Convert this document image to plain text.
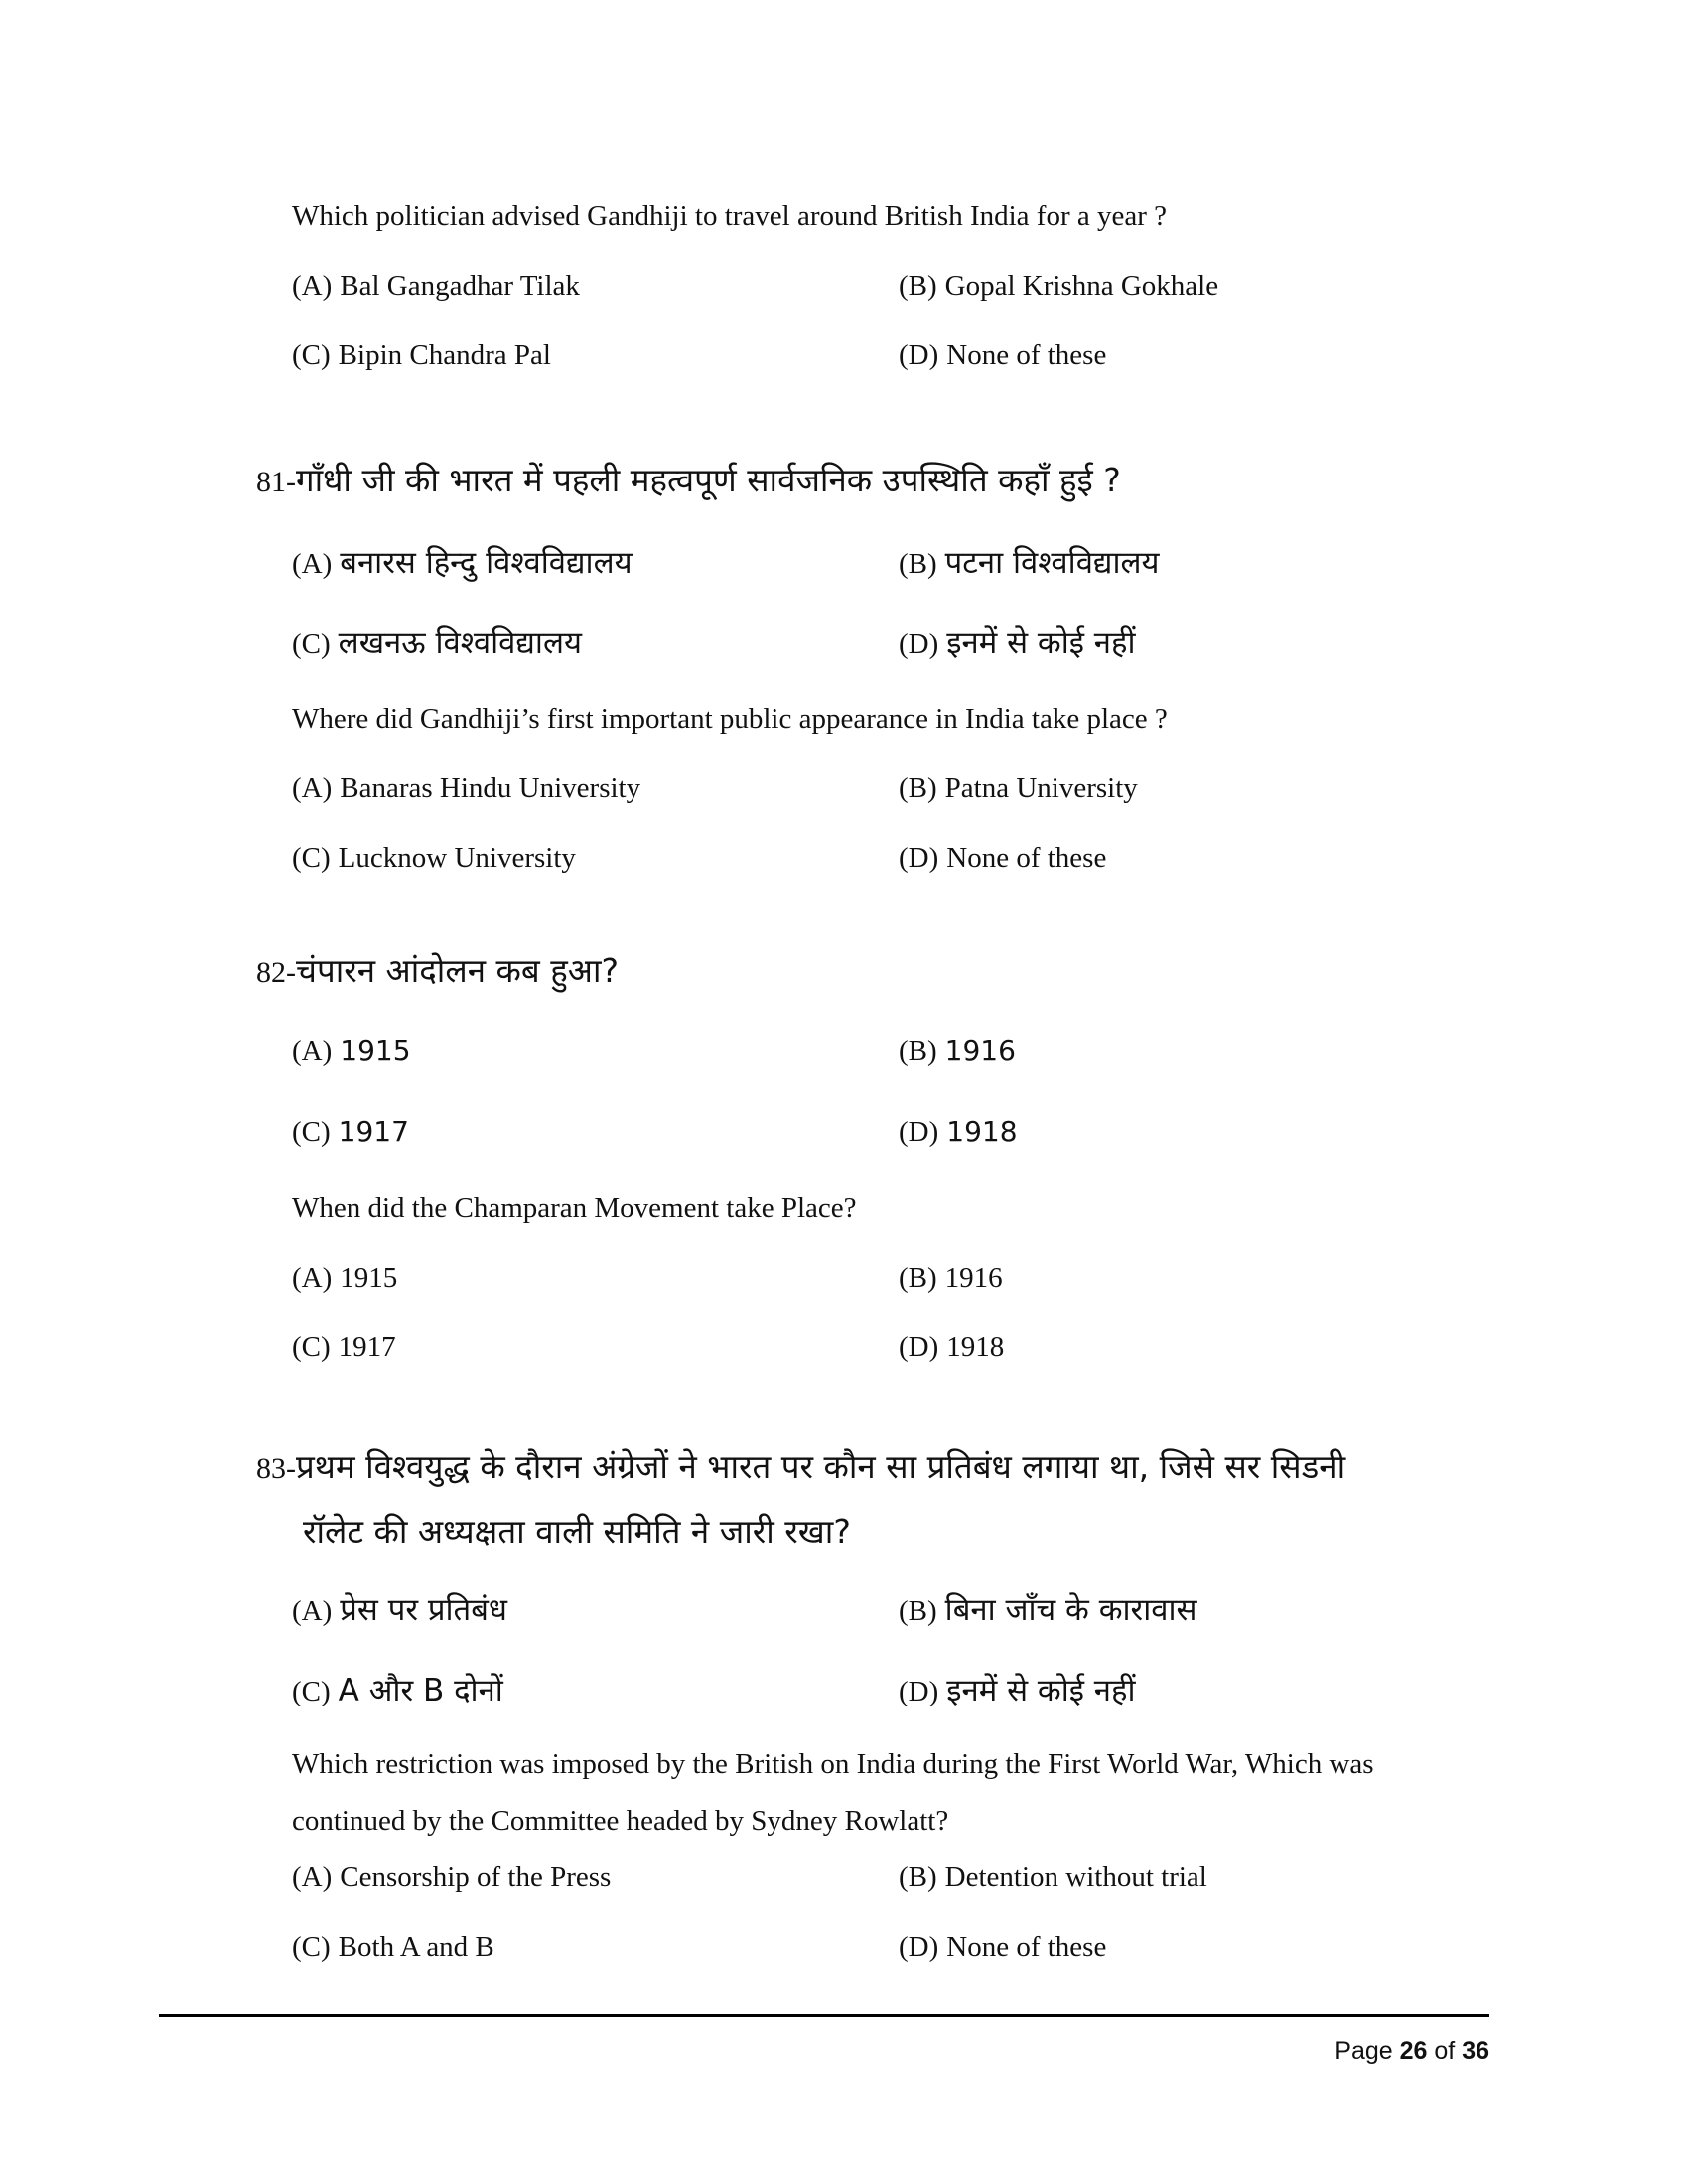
Which politician advised Gandhiji to travel around British India for a year ?
(A) Bal Gangadhar Tilak	(B) Gopal Krishna Gokhale
(C) Bipin Chandra Pal	(D) None of these
81-गाँधी जी की भारत में पहली महत्वपूर्ण सार्वजनिक उपस्थिति कहाँ हुई ?
(A) बनारस हिन्दु विश्वविद्यालय	(B) पटना विश्वविद्यालय
(C) लखनऊ विश्वविद्यालय	(D) इनमें से कोई नहीं
Where did Gandhiji’s first important public appearance in India take place ?
(A) Banaras Hindu University	(B) Patna University
(C) Lucknow University	(D) None of these
82-चंपारन आंदोलन कब हुआ?
(A) 1915	(B) 1916
(C) 1917	(D) 1918
When did the Champaran Movement take Place?
(A) 1915	(B) 1916
(C) 1917	(D) 1918
83-प्रथम विश्वयुद्ध के दौरान अंग्रेजों ने भारत पर कौन सा प्रतिबंध लगाया था, जिसे सर सिडनी
रॉलेट की अध्यक्षता वाली समिति ने जारी रखा?
(A) प्रेस पर प्रतिबंध	(B) बिना जाँच के कारावास
(C) A और B दोनों	(D) इनमें से कोई नहीं
Which restriction was imposed by the British on India during the First World War, Which was
continued by the Committee headed by Sydney Rowlatt?
(A) Censorship of the Press	(B) Detention without trial
(C) Both A and B	(D) None of these
Page 26 of 36
